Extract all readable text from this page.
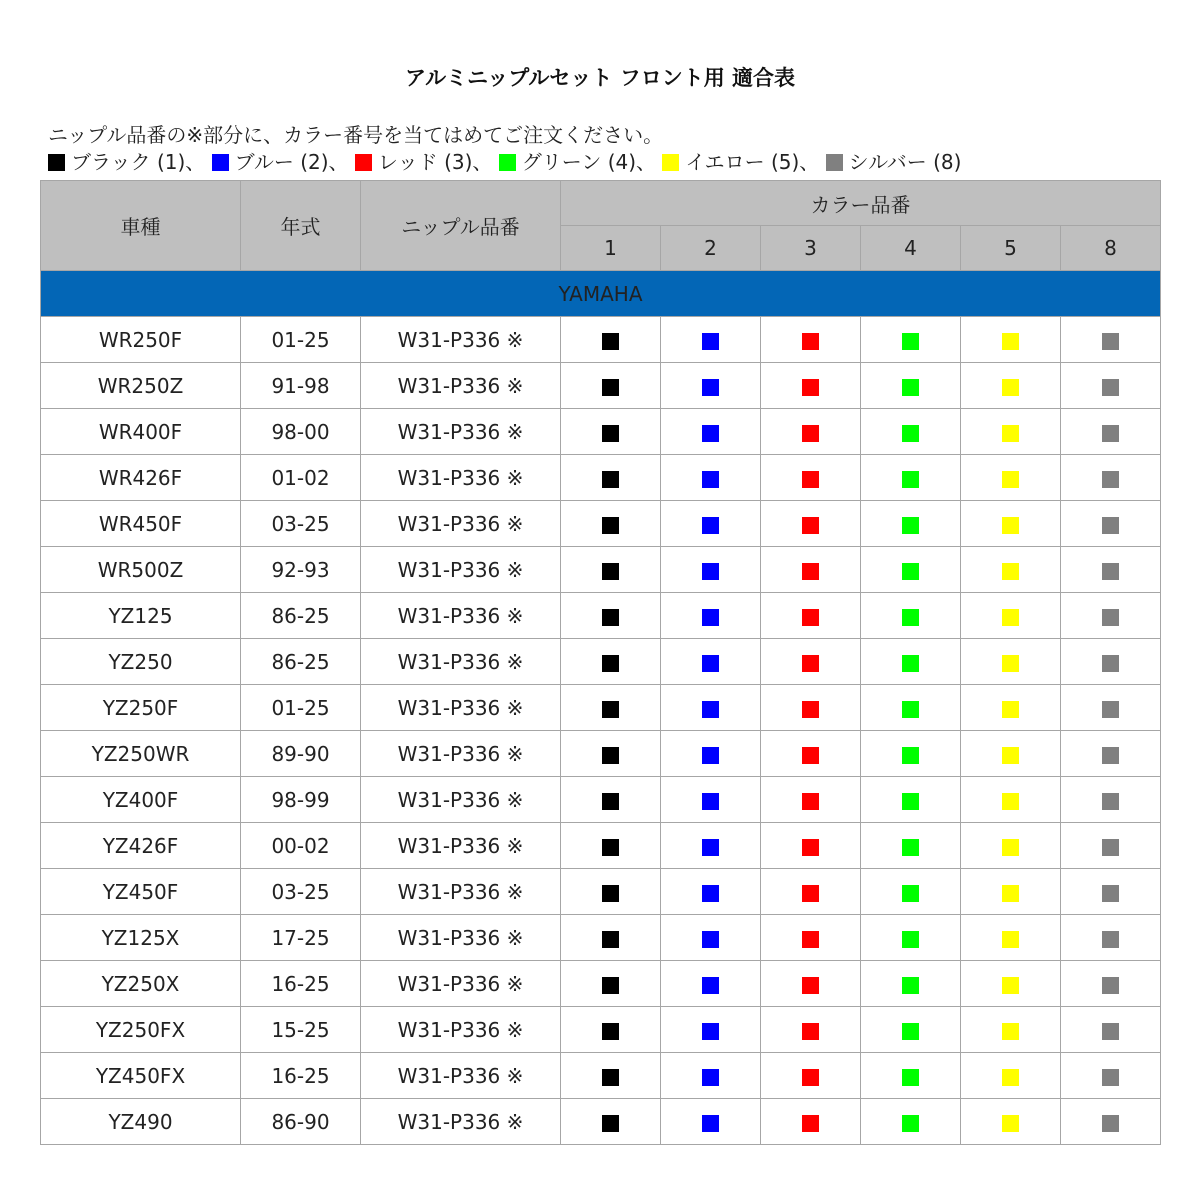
アルミニップルセット フロント用 適合表
ニップル品番の※部分に、カラー番号を当てはめてご注文ください。
ブラック (1)、 ブルー (2)、 レッド (3)、 グリーン (4)、 イエロー (5)、 シルバー (8)
車種	年式	ニップル品番	カラー品番					
			1	2	3	4	5	8
YAMAHA								
WR250F	01-25	W31-P336 ※						
WR250Z	91-98	W31-P336 ※						
WR400F	98-00	W31-P336 ※						
WR426F	01-02	W31-P336 ※						
WR450F	03-25	W31-P336 ※						
WR500Z	92-93	W31-P336 ※						
YZ125	86-25	W31-P336 ※						
YZ250	86-25	W31-P336 ※						
YZ250F	01-25	W31-P336 ※						
YZ250WR	89-90	W31-P336 ※						
YZ400F	98-99	W31-P336 ※						
YZ426F	00-02	W31-P336 ※						
YZ450F	03-25	W31-P336 ※						
YZ125X	17-25	W31-P336 ※						
YZ250X	16-25	W31-P336 ※						
YZ250FX	15-25	W31-P336 ※						
YZ450FX	16-25	W31-P336 ※						
YZ490	86-90	W31-P336 ※						
